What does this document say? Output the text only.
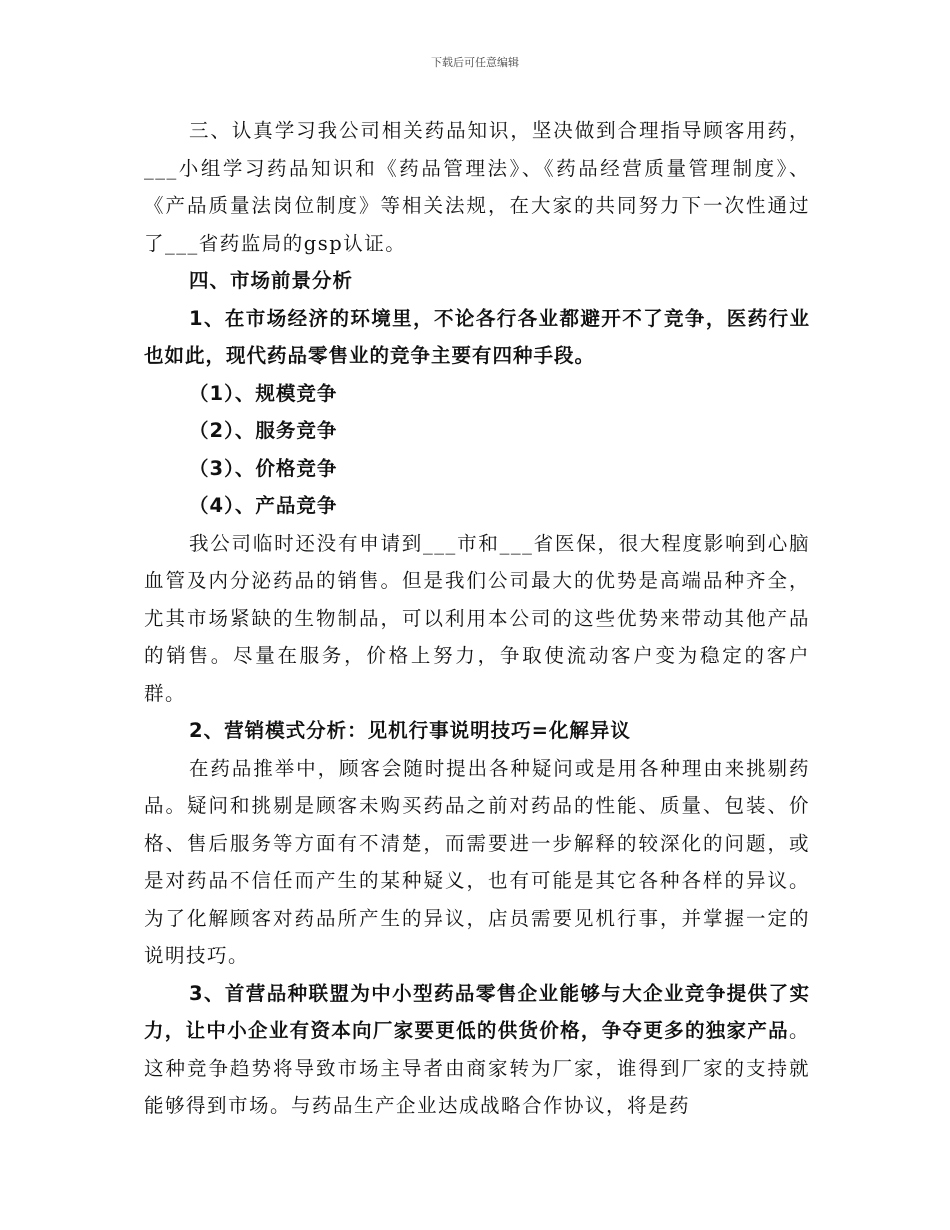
下载后可任意编辑

三、认真学习我公司相关药品知识，坚决做到合理指导顾客用药，___小组学习药品知识和《药品管理法》、《药品经营质量管理制度》、《产品质量法岗位制度》等相关法规，在大家的共同努力下一次性通过了___省药监局的gsp认证。

四、市场前景分析

1、在市场经济的环境里，不论各行各业都避开不了竞争，医药行业也如此，现代药品零售业的竞争主要有四种手段。

（1）、规模竞争

（2）、服务竞争

（3）、价格竞争

（4）、产品竞争

我公司临时还没有申请到___市和___省医保，很大程度影响到心脑血管及内分泌药品的销售。但是我们公司最大的优势是高端品种齐全，尤其市场紧缺的生物制品，可以利用本公司的这些优势来带动其他产品的销售。尽量在服务，价格上努力，争取使流动客户变为稳定的客户群。

2、营销模式分析：见机行事说明技巧=化解异议

在药品推举中，顾客会随时提出各种疑问或是用各种理由来挑剔药品。疑问和挑剔是顾客未购买药品之前对药品的性能、质量、包装、价格、售后服务等方面有不清楚，而需要进一步解释的较深化的问题，或是对药品不信任而产生的某种疑义，也有可能是其它各种各样的异议。为了化解顾客对药品所产生的异议，店员需要见机行事，并掌握一定的说明技巧。

3、首营品种联盟为中小型药品零售企业能够与大企业竞争提供了实力，让中小企业有资本向厂家要更低的供货价格，争夺更多的独家产品。这种竞争趋势将导致市场主导者由商家转为厂家，谁得到厂家的支持就能够得到市场。与药品生产企业达成战略合作协议，将是药
